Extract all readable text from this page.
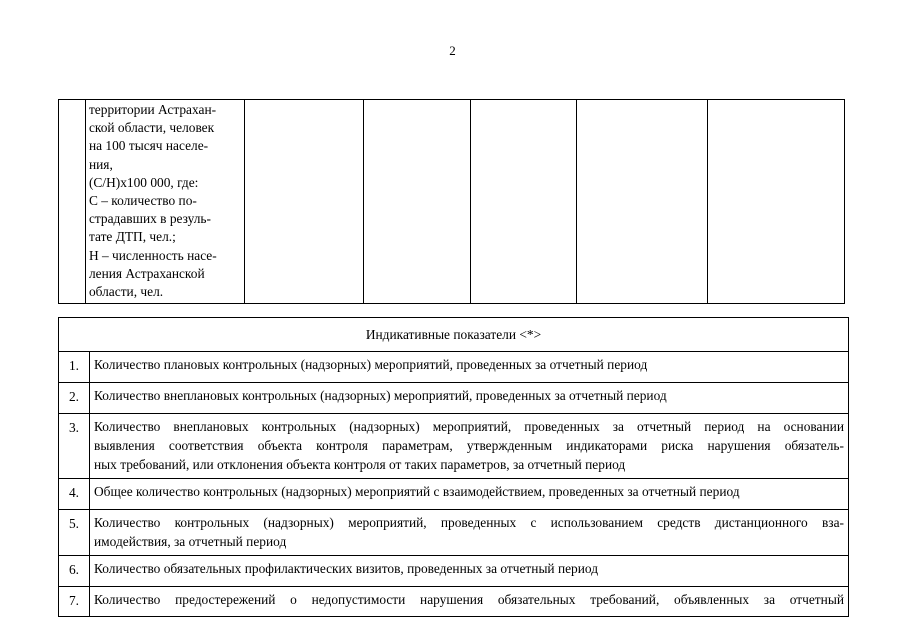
2

территории Астрахан-
ской области, человек
на 100 тысяч населе-
ния,
(С/Н)х100 000, где:
С – количество по-
страдавших в резуль-
тате ДТП, чел.;
Н – численность насе-
ления Астраханской
области, чел.

Индикативные показатели <*>	
1.	Количество плановых контрольных (надзорных) мероприятий, проведенных за отчетный период

2.	Количество внеплановых контрольных (надзорных) мероприятий, проведенных за отчетный период

3.	Количество внеплановых контрольных (надзорных) мероприятий, проведенных за отчетный период на основании
выявления соответствия объекта контроля параметрам, утвержденным индикаторами риска нарушения обязатель-
ных требований, или отклонения объекта контроля от таких параметров, за отчетный период

4.	Общее количество контрольных (надзорных) мероприятий с взаимодействием, проведенных за отчетный период

5.	Количество контрольных (надзорных) мероприятий, проведенных с использованием средств дистанционного вза-
имодействия, за отчетный период

6.	Количество обязательных профилактических визитов, проведенных за отчетный период

7.	Количество предостережений о недопустимости нарушения обязательных требований, объявленных за отчетный
